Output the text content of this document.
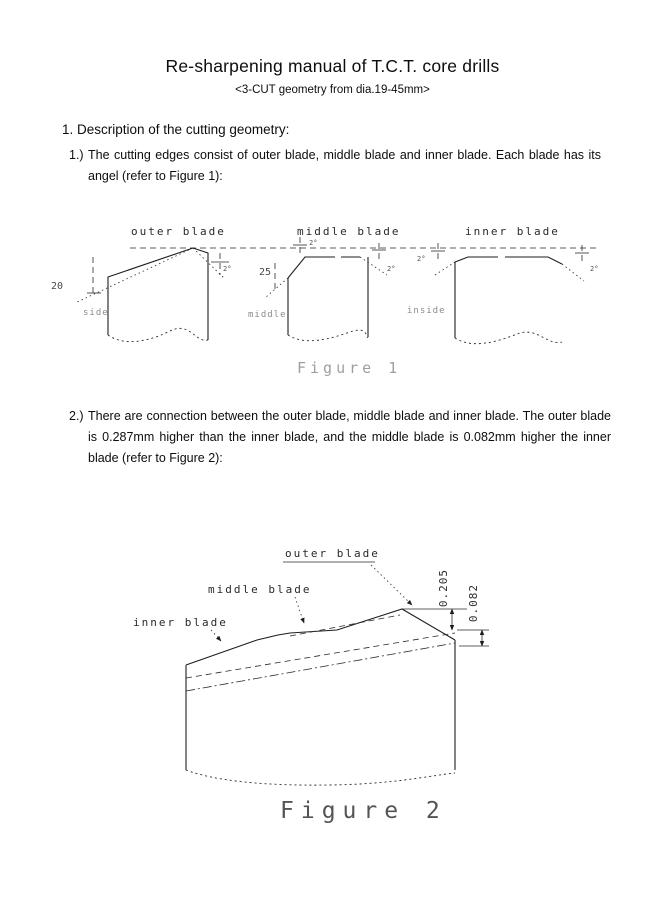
Re-sharpening manual of T.C.T. core drills
<3-CUT geometry from dia.19-45mm>
1. Description of the cutting geometry:
1.) The cutting edges consist of outer blade, middle blade and inner blade. Each blade has its angel (refer to Figure 1):
outer blade	middle blade	inner blade
20
2°
side
25
2°
2°
middle
2°
2°
inside
Figure 1
2.) There are connection between the outer blade, middle blade and inner blade. The outer blade is 0.287mm higher than the inner blade, and the middle blade is 0.082mm higher the inner blade (refer to Figure 2):
outer blade
middle blade
inner blade
0.205 0.082
Figure 2
